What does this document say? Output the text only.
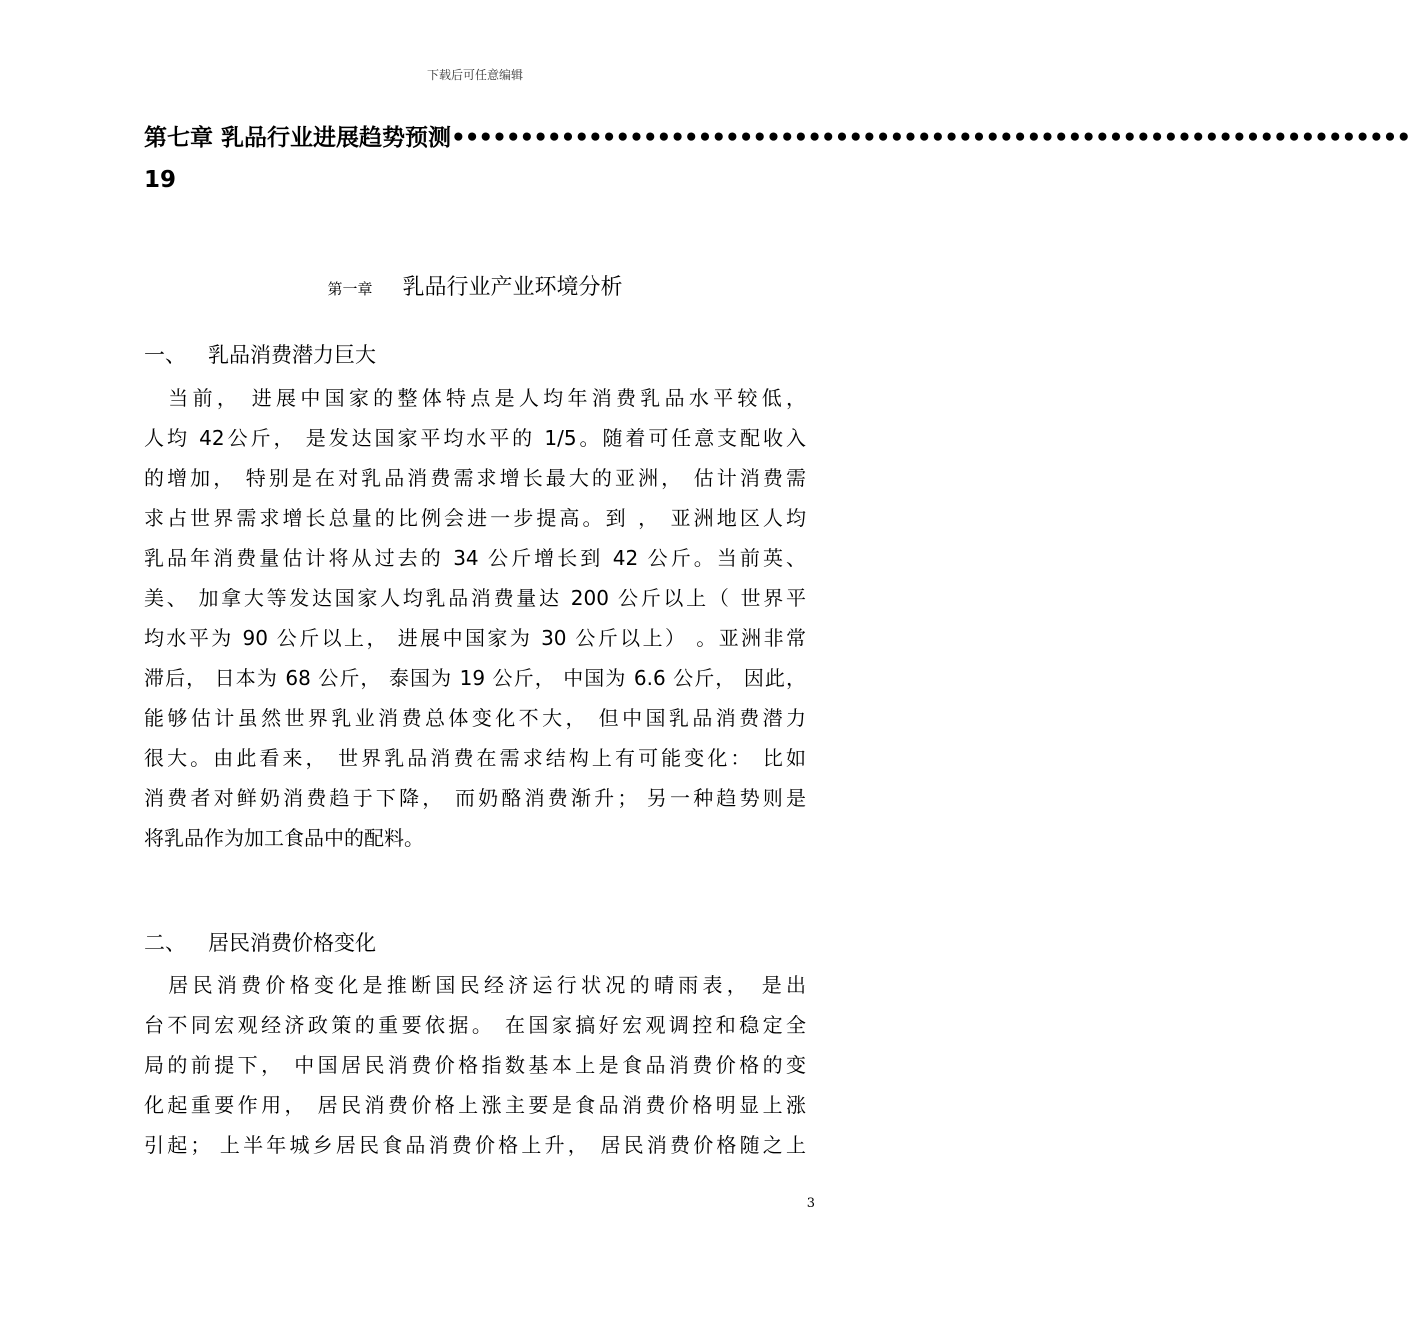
下载后可任意编辑
第七章 乳品行业进展趋势预测 ••••••••••••••••••••••••••••••••••••••••••••••••••••••••••••••••••••••
19
第一章 乳品行业产业环境分析
一、 乳品消费潜力巨大
　当前， 进展中国家的整体特点是人均年消费乳品水平较低，
人均 42公斤， 是发达国家平均水平的 1/5。随着可任意支配收入
的增加， 特别是在对乳品消费需求增长最大的亚洲， 估计消费需
求占世界需求增长总量的比例会进一步提高。到 ， 亚洲地区人均
乳品年消费量估计将从过去的 34 公斤增长到 42 公斤。当前英、
美、 加拿大等发达国家人均乳品消费量达 200 公斤以上（ 世界平
均水平为 90 公斤以上， 进展中国家为 30 公斤以上） 。亚洲非常
滞后， 日本为 68 公斤， 泰国为 19 公斤， 中国为 6.6 公斤， 因此，
能够估计虽然世界乳业消费总体变化不大， 但中国乳品消费潜力
很大。由此看来， 世界乳品消费在需求结构上有可能变化： 比如
消费者对鲜奶消费趋于下降， 而奶酪消费渐升； 另一种趋势则是
将乳品作为加工食品中的配料。
二、 居民消费价格变化
　居民消费价格变化是推断国民经济运行状况的晴雨表， 是出
台不同宏观经济政策的重要依据。 在国家搞好宏观调控和稳定全
局的前提下， 中国居民消费价格指数基本上是食品消费价格的变
化起重要作用， 居民消费价格上涨主要是食品消费价格明显上涨
引起； 上半年城乡居民食品消费价格上升， 居民消费价格随之上
3
